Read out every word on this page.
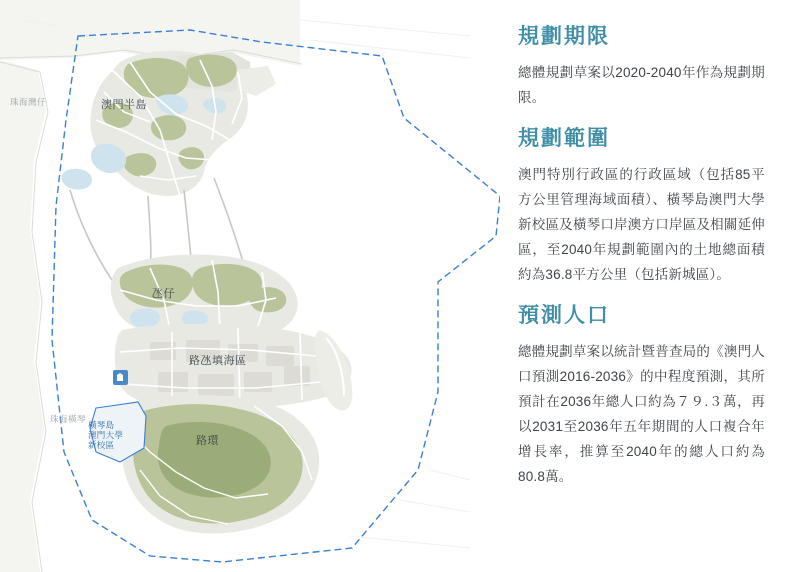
澳門半島
氹仔
路氹填海區
路環
珠海灣仔
珠海橫琴
橫琴島
澳門大學
新校區
規劃期限

總體規劃草案以2020-2040年作為規劃期限。

規劃範圍

澳門特別行政區的行政區域（包括85平方公里管理海域面積）、橫琴島澳門大學新校區及橫琴口岸澳方口岸區及相關延伸區，至2040年規劃範圍內的土地總面積約為36.8平方公里（包括新城區）。

預測人口

總體規劃草案以統計暨普查局的《澳門人口預測2016-2036》的中程度預測，其所預計在2036年總人口約為７９.３萬，再以2031至2036年五年期間的人口複合年增長率，推算至2040年的總人口約為80.8萬。
